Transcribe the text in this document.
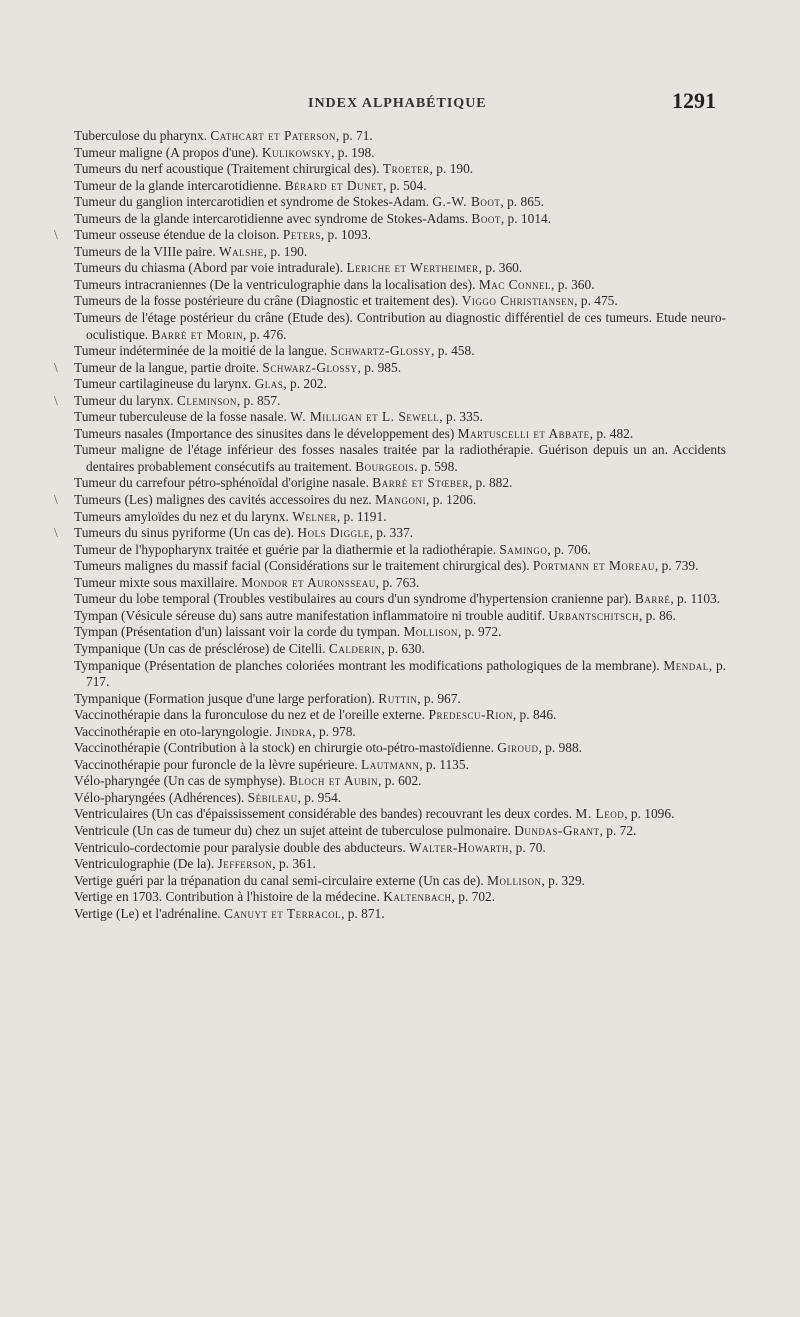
INDEX ALPHABÉTIQUE	1291
Tuberculose du pharynx. Cathcart et Paterson, p. 71.
Tumeur maligne (A propos d'une). Kulikowsky, p. 198.
Tumeurs du nerf acoustique (Traitement chirurgical des). Troeter, p. 190.
Tumeur de la glande intercarotidienne. Bérard et Dunet, p. 504.
Tumeur du ganglion intercarotidien et syndrome de Stokes-Adam. G.-W. Boot, p. 865.
Tumeurs de la glande intercarotidienne avec syndrome de Stokes-Adams. Boot, p. 1014.
\	Tumeur osseuse étendue de la cloison. Peters, p. 1093.
Tumeurs de la VIIIe paire. Walshe, p. 190.
Tumeurs du chiasma (Abord par voie intradurale). Leriche et Wertheimer, p. 360.
Tumeurs intracraniennes (De la ventriculographie dans la localisation des). Mac Connel, p. 360.
Tumeurs de la fosse postérieure du crâne (Diagnostic et traitement des). Viggo Christiansen, p. 475.
Tumeurs de l'étage postérieur du crâne (Etude des). Contribution au diagnostic différentiel de ces tumeurs. Etude neuro-oculistique. Barré et Morin, p. 476.
Tumeur indéterminée de la moitié de la langue. Schwartz-Glossy, p. 458.
\	Tumeur de la langue, partie droite. Schwarz-Glossy, p. 985.
Tumeur cartilagineuse du larynx. Glas, p. 202.
\	Tumeur du larynx. Clemınson, p. 857.
Tumeur tuberculeuse de la fosse nasale. W. Milligan et L. Sewell, p. 335.
Tumeurs nasales (Importance des sinusites dans le développement des) Martuscelli et Abbate, p. 482.
Tumeur maligne de l'étage inférieur des fosses nasales traitée par la radiothérapie. Guérison depuis un an. Accidents dentaires probablement consécutifs au traitement. Bourgeois. p. 598.
Tumeur du carrefour pétro-sphénoïdal d'origine nasale. Barré et Stœber, p. 882.
\	Tumeurs (Les) malignes des cavités accessoires du nez. Mangoni, p. 1206.
Tumeurs amyloïdes du nez et du larynx. Welner, p. 1191.
\	Tumeurs du sinus pyriforme (Un cas de). Hols Diggle, p. 337.
Tumeur de l'hypopharynx traitée et guérie par la diathermie et la radiothérapie. Samingo, p. 706.
Tumeurs malignes du massif facial (Considérations sur le traitement chirurgical des). Portmann et Moreau, p. 739.
Tumeur mixte sous maxillaire. Mondor et Auronsseau, p. 763.
Tumeur du lobe temporal (Troubles vestibulaires au cours d'un syndrome d'hypertension cranienne par). Barré, p. 1103.
Tympan (Vésicule séreuse du) sans autre manifestation inflammatoire ni trouble auditif. Urbantschitsch, p. 86.
Tympan (Présentation d'un) laissant voir la corde du tympan. Mollison, p. 972.
Tympanique (Un cas de présclérose) de Citelli. Calderin, p. 630.
Tympanique (Présentation de planches coloriées montrant les modifications pathologiques de la membrane). Mendal, p. 717.
Tympanique (Formation jusque d'une large perforation). Ruttin, p. 967.
Vaccinothérapie dans la furonculose du nez et de l'oreille externe. Predescu-Rion, p. 846.
Vaccinothérapie en oto-laryngologie. Jindra, p. 978.
Vaccinothérapie (Contribution à la stock) en chirurgie oto-pétro-mastoïdienne. Giroud, p. 988.
Vaccinothérapie pour furoncle de la lèvre supérieure. Lautmann, p. 1135.
Vélo-pharyngée (Un cas de symphyse). Bloch et Aubin, p. 602.
Vélo-pharyngées (Adhérences). Sébileau, p. 954.
Ventriculaires (Un cas d'épaississement considérable des bandes) recouvrant les deux cordes. M. Leod, p. 1096.
Ventricule (Un cas de tumeur du) chez un sujet atteint de tuberculose pulmonaire. Dundas-Grant, p. 72.
Ventriculo-cordectomie pour paralysie double des abducteurs. Walter-Howarth, p. 70.
Ventriculographie (De la). Jefferson, p. 361.
Vertige guéri par la trépanation du canal semi-circulaire externe (Un cas de). Mollison, p. 329.
Vertige en 1703. Contribution à l'histoire de la médecine. Kaltenbach, p. 702.
Vertige (Le) et l'adrénaline. Canuyt et Terracol, p. 871.
